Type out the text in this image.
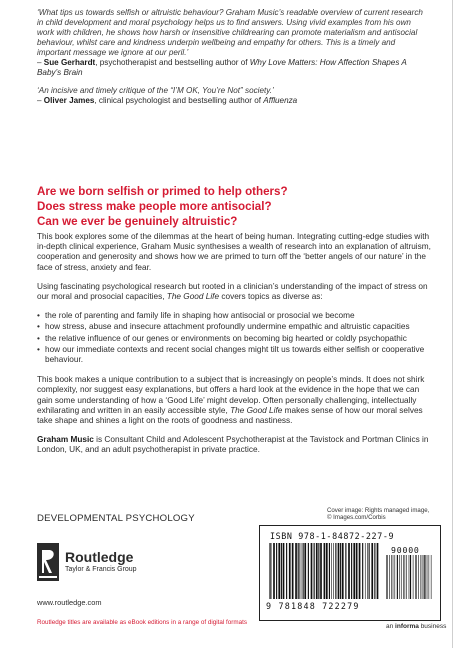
‘What tips us towards selfish or altruistic behaviour? Graham Music’s readable overview of current research in child development and moral psychology helps us to find answers. Using vivid examples from his own work with children, he shows how harsh or insensitive childrearing can promote materialism and antisocial behaviour, whilst care and kindness underpin wellbeing and empathy for others. This is a timely and important message we ignore at our peril.’

– Sue Gerhardt, psychotherapist and bestselling author of Why Love Matters: How Affection Shapes A Baby’s Brain

‘An incisive and timely critique of the “I’M OK, You’re Not” society.’

– Oliver James, clinical psychologist and bestselling author of Affluenza

Are we born selfish or primed to help others?
Does stress make people more antisocial?
Can we ever be genuinely altruistic?

This book explores some of the dilemmas at the heart of being human. Integrating cutting-edge studies with in-depth clinical experience, Graham Music synthesises a wealth of research into an explanation of altruism, cooperation and generosity and shows how we are primed to turn off the ‘better angels of our nature’ in the face of stress, anxiety and fear.

Using fascinating psychological research but rooted in a clinician’s understanding of the impact of stress on our moral and prosocial capacities, The Good Life covers topics as diverse as:

• the role of parenting and family life in shaping how antisocial or prosocial we become
• how stress, abuse and insecure attachment profoundly undermine empathic and altruistic capacities
• the relative influence of our genes or environments on becoming big hearted or coldly psychopathic
• how our immediate contexts and recent social changes might tilt us towards either selfish or cooperative behaviour.

This book makes a unique contribution to a subject that is increasingly on people’s minds. It does not shirk complexity, nor suggest easy explanations, but offers a hard look at the evidence in the hope that we can gain some understanding of how a ‘Good Life’ might develop. Often personally challenging, intellectually exhilarating and written in an easily accessible style, The Good Life makes sense of how our moral selves take shape and shines a light on the roots of goodness and nastiness.

Graham Music is Consultant Child and Adolescent Psychotherapist at the Tavistock and Portman Clinics in London, UK, and an adult psychotherapist in private practice.

DEVELOPMENTAL PSYCHOLOGY
Routledge
Taylor & Francis Group
www.routledge.com
Routledge titles are available as eBook editions in a range of digital formats
Cover image: Rights managed image,
© Images.com/Corbis
ISBN 978-1-84872-227-9
90000
9 781848 722279
an informa business
